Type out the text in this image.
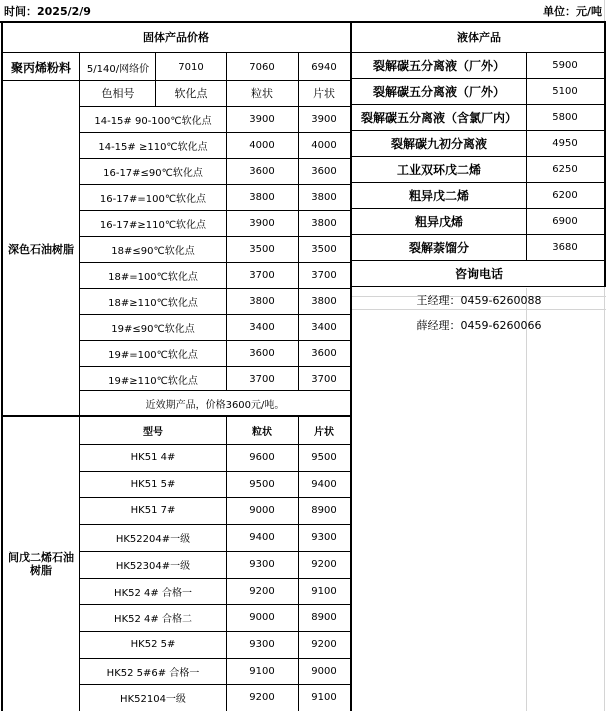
时间：2025/2/9	单位：元/吨
固体产品价格	液体产品
聚丙烯粉料	5/140/网络价	7010	7060	6940
色相号	软化点	粒状	片状
深色石油树脂
14-15# 90-100℃软化点	3900	3900
14-15# ≥110℃软化点	4000	4000
16-17#≤90℃软化点	3600	3600
16-17#=100℃软化点	3800	3800
16-17#≥110℃软化点	3900	3800
18#≤90℃软化点	3500	3500
18#=100℃软化点	3700	3700
18#≥110℃软化点	3800	3800
19#≤90℃软化点	3400	3400
19#=100℃软化点	3600	3600
19#≥110℃软化点	3700	3700
近效期产品，价格3600元/吨。
型号	粒状	片状
间戊二烯石油树脂
HK51 4#	9600	9500
HK51 5#	9500	9400
HK51 7#	9000	8900
HK52204#一级	9400	9300
HK52304#一级	9300	9200
HK52 4# 合格一	9200	9100
HK52 4# 合格二	9000	8900
HK52 5#	9300	9200
HK52 5#6# 合格一	9100	9000
HK52104一级	9200	9100
裂解碳五分离液（厂外）	5900
裂解碳五分离液（厂外）	5100
裂解碳五分离液（含氯厂内）	5800
裂解碳九初分离液	4950
工业双环戊二烯	6250
粗异戊二烯	6200
粗异戊烯	6900
裂解萘馏分	3680
咨询电话
王经理：0459-6260088
薛经理：0459-6260066
